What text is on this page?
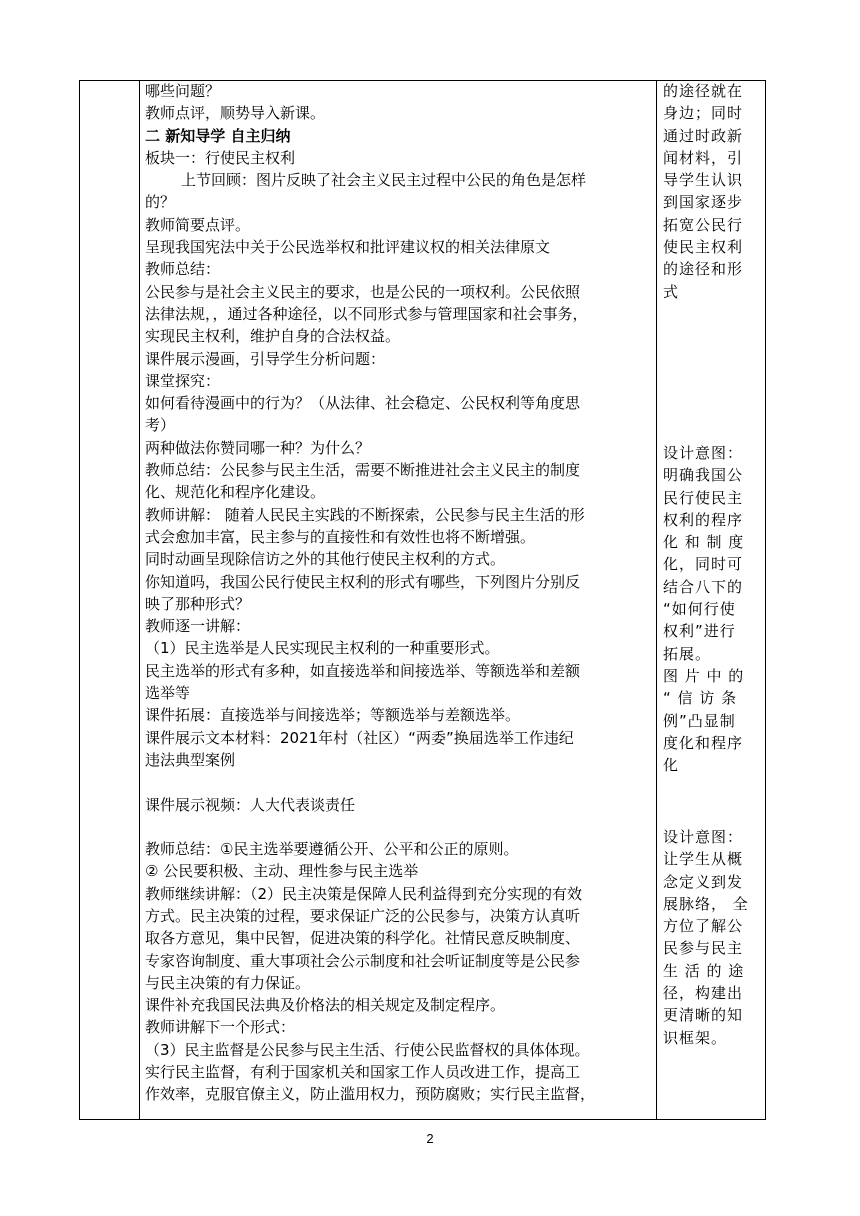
哪些问题？

教师点评，顺势导入新课。

二 新知导学 自主归纳

板块一：行使民主权利

上节回顾：图片反映了社会主义民主过程中公民的角色是怎样

的？

教师简要点评。

呈现我国宪法中关于公民选举权和批评建议权的相关法律原文

教师总结：

公民参与是社会主义民主的要求，也是公民的一项权利。公民依照

法律法规，，通过各种途径，以不同形式参与管理国家和社会事务，

实现民主权利，维护自身的合法权益。

课件展示漫画，引导学生分析问题：

课堂探究：

如何看待漫画中的行为？（从法律、社会稳定、公民权利等角度思

考）

两种做法你赞同哪一种？为什么？

教师总结：公民参与民主生活，需要不断推进社会主义民主的制度

化、规范化和程序化建设。

教师讲解： 随着人民民主实践的不断探索，公民参与民主生活的形

式会愈加丰富，民主参与的直接性和有效性也将不断增强。

同时动画呈现除信访之外的其他行使民主权利的方式。

你知道吗，我国公民行使民主权利的形式有哪些，下列图片分别反

映了那种形式？

教师逐一讲解：

（1）民主选举是人民实现民主权利的一种重要形式。

民主选举的形式有多种，如直接选举和间接选举、等额选举和差额

选举等

课件拓展：直接选举与间接选举；等额选举与差额选举。

课件展示文本材料：2021年村（社区）“两委”换届选举工作违纪

违法典型案例

课件展示视频：人大代表谈责任

教师总结：①民主选举要遵循公开、公平和公正的原则。

② 公民要积极、主动、理性参与民主选举

教师继续讲解：（2）民主决策是保障人民利益得到充分实现的有效

方式。民主决策的过程，要求保证广泛的公民参与，决策方认真听

取各方意见，集中民智，促进决策的科学化。社情民意反映制度、

专家咨询制度、重大事项社会公示制度和社会听证制度等是公民参

与民主决策的有力保证。

课件补充我国民法典及价格法的相关规定及制定程序。

教师讲解下一个形式：

（3）民主监督是公民参与民主生活、行使公民监督权的具体体现。

实行民主监督，有利于国家机关和国家工作人员改进工作，提高工

作效率，克服官僚主义，防止滥用权力，预防腐败；实行民主监督，

的途径就在

身边；同时

通过时政新

闻材料，引

导学生认识

到国家逐步

拓宽公民行

使民主权利

的途径和形

式

设计意图：

明确我国公

民行使民主

权利的程序

化 和 制 度

化，同时可

结合八下的

“如何行使

权利”进行

拓展。

图 片 中 的

“ 信 访 条

例”凸显制

度化和程序

化

设计意图：

让学生从概

念定义到发

展脉络， 全

方位了解公

民参与民主

生 活 的 途

径，构建出

更清晰的知

识框架。

2
